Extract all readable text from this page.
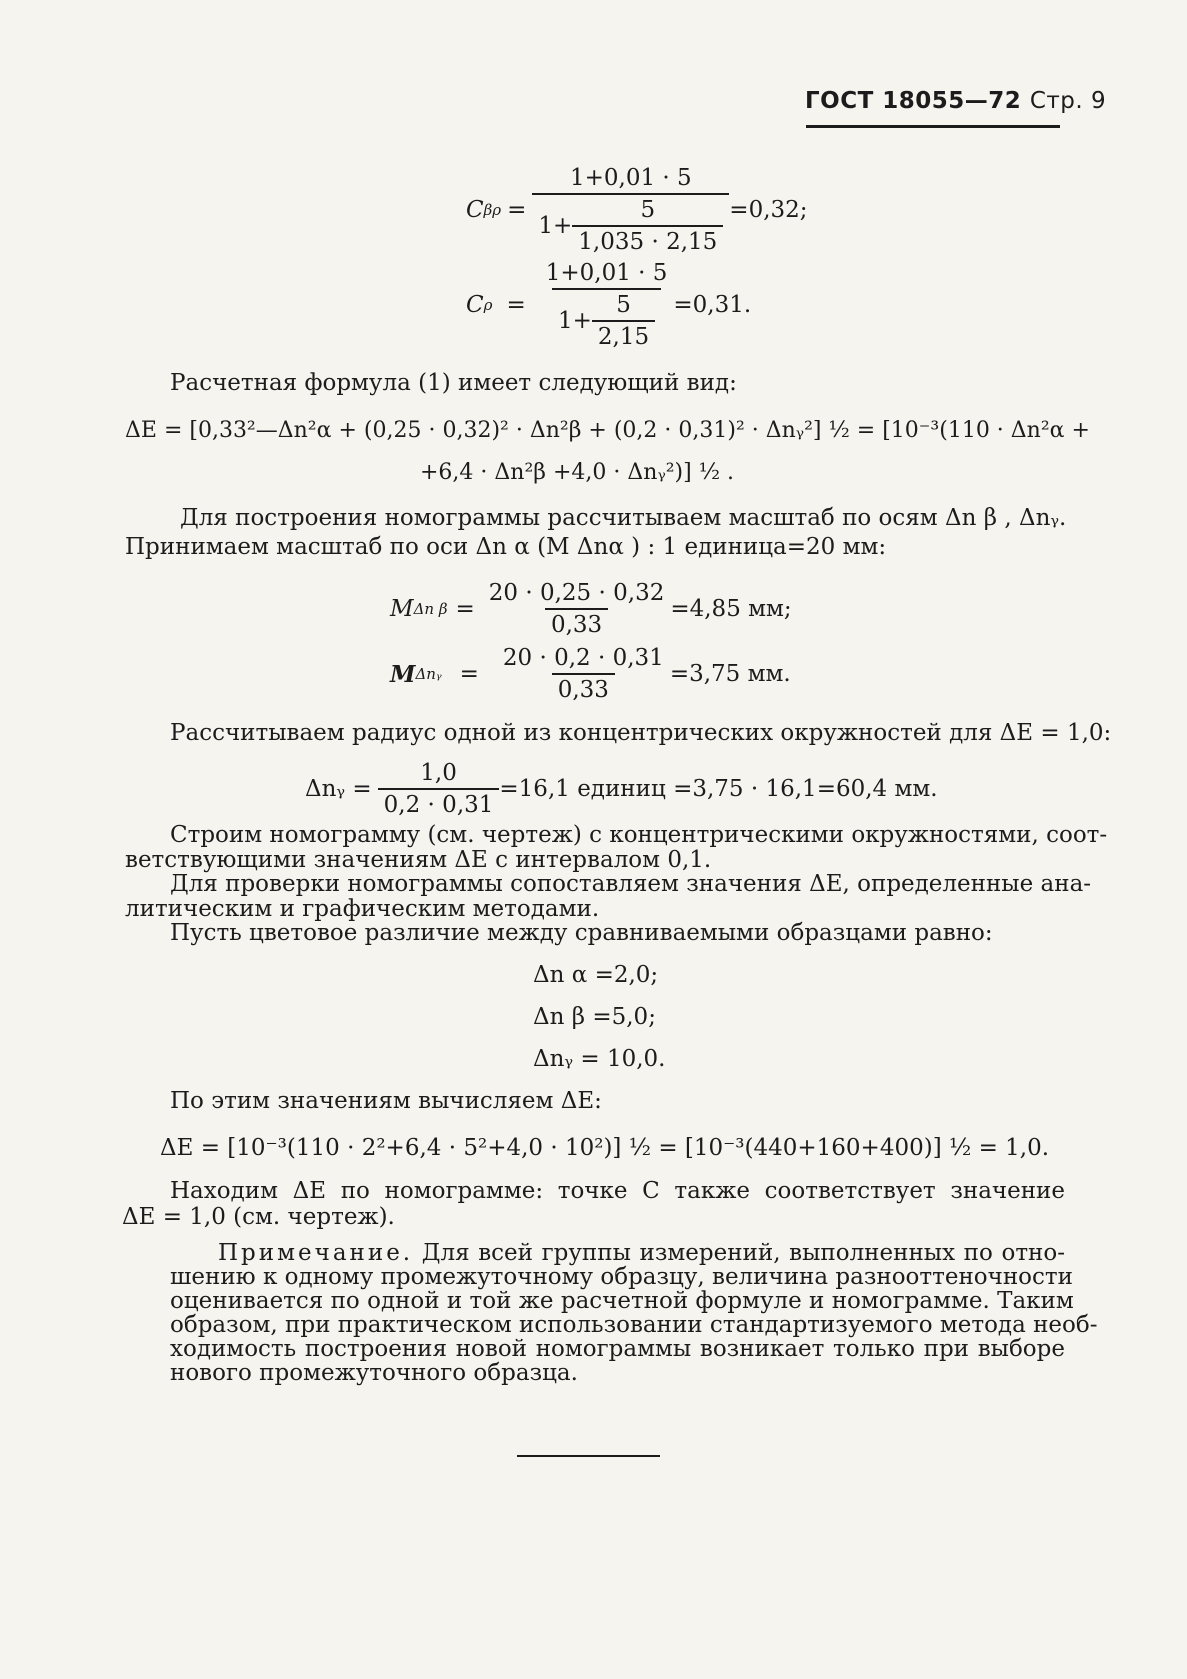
ГОСТ 18055—72 Стр. 9
C $\beta\rho = \frac{1+0,01 \cdot 5}{1+ \frac{5}{1,035 \cdot 2,15}} =0,32$;
C $\rho = \frac{1+0,01 \cdot 5}{1+ \frac{5}{2,15}} =0,31$.
Расчетная формула (1) имеет следующий вид:
ΔE = [0,33²—Δn²α + (0,25 · 0,32)² · Δn²β + (0,2 · 0,31)² · Δnᵧ²] ½ = [10⁻³(110 · Δn²α +
+6,4 · Δn²β +4,0 · Δnᵧ²)] ½ .
Для построения номограммы рассчитываем масштаб по осям Δn β , Δnᵧ.
Принимаем масштаб по оси Δn α (M Δnα ) : 1 единица=20 мм:
M Δn $\beta = \frac{20 \cdot 0,25 \cdot 0,32}{0,33} =4,85$ мм;
M Δnᵧ = $\frac{20 \cdot 0,2 \cdot 0,31}{0,33} =3,75$ мм.
Рассчитываем радиус одной из концентрических окружностей для ΔE = 1,0:
Δnᵧ = $\frac{1,0}{0,2 \cdot 0,31} =16,1$ единиц =3,75 · 16,1=60,4 мм.
Строим номограмму (см. чертеж) с концентрическими окружностями, соот-
ветствующими значениям ΔE с интервалом 0,1.
Для проверки номограммы сопоставляем значения ΔE, определенные ана-
литическим и графическим методами.
Пусть цветовое различие между сравниваемыми образцами равно:
Δn α =2,0;
Δn β =5,0;
Δnᵧ = 10,0.
По этим значениям вычисляем ΔE:
ΔE = [10⁻³(110 · 2²+6,4 · 5²+4,0 · 10²)] ½ = [10⁻³(440+160+400)] ½ = 1,0.
Находим ΔE по номограмме: точке C также соответствует значение
ΔE = 1,0 (см. чертеж).
Примечание. Для всей группы измерений, выполненных по отно-
шению к одному промежуточному образцу, величина разнооттеночности
оценивается по одной и той же расчетной формуле и номограмме. Таким
образом, при практическом использовании стандартизуемого метода необ-
ходимость построения новой номограммы возникает только при выборе
нового промежуточного образца.
